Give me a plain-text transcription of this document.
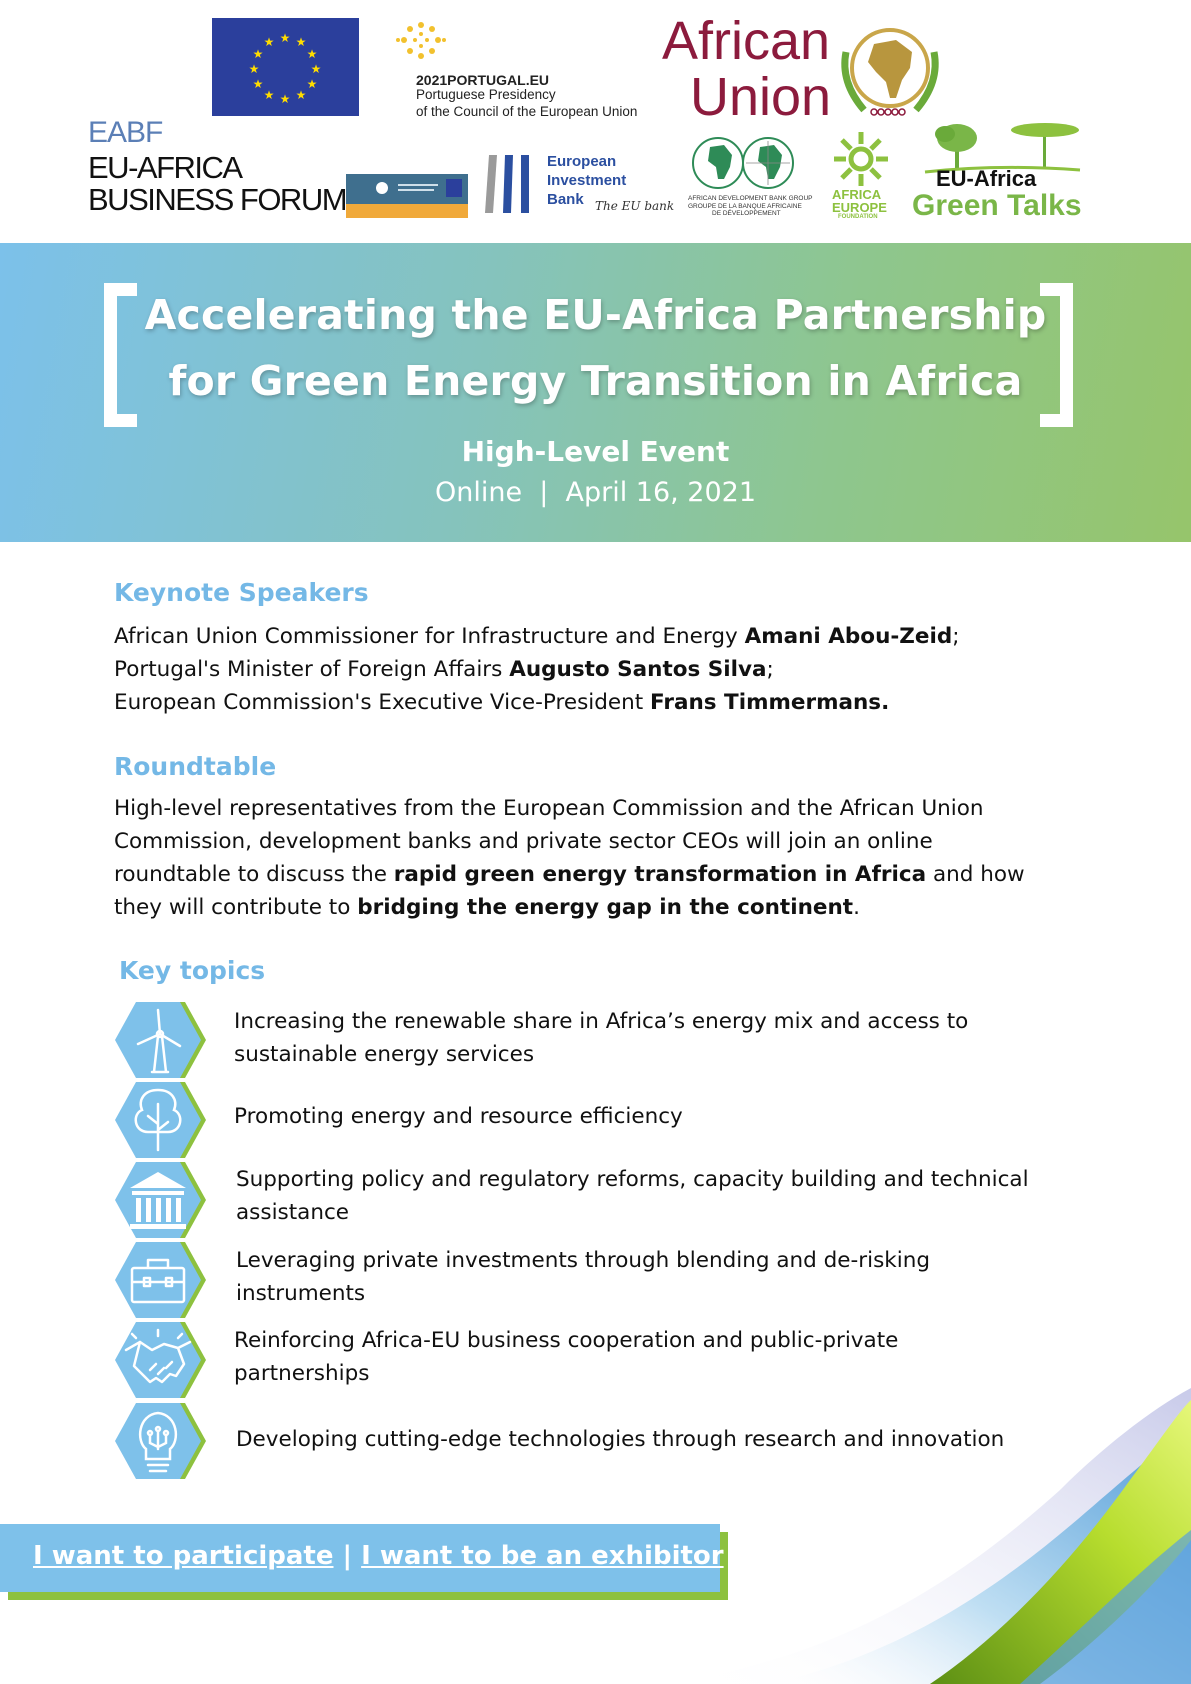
★ ★
★
★
★
★
★
★
★
★
★
★
2021PORTUGAL.EU
Portuguese Presidency
of the Council of the European Union
African
Union
EABF
EU-AFRICA
BUSINESS FORUM
European
Investment
Bank The EU bank
AFRICAN DEVELOPMENT BANK GROUP
GROUPE DE LA BANQUE AFRICAINE
DE DÉVELOPPEMENT
AFRICA
EUROPE
FOUNDATION
EU-Africa
Green Talks
Accelerating the EU-Africa Partnership
for Green Energy Transition in Africa
High-Level Event
Online  |  April 16, 2021
Keynote Speakers
African Union Commissioner for Infrastructure and Energy Amani Abou-Zeid;
Portugal's Minister of Foreign Affairs Augusto Santos Silva;
European Commission's Executive Vice-President Frans Timmermans.
Roundtable
High-level representatives from the European Commission and the African Union
Commission, development banks and private sector CEOs will join an online
roundtable to discuss the rapid green energy transformation in Africa and how
they will contribute to bridging the energy gap in the continent.
Key topics
Increasing the renewable share in Africa’s energy mix and access to
sustainable energy services
Promoting energy and resource efficiency
Supporting policy and regulatory reforms, capacity building and technical
assistance
Leveraging private investments through blending and de-risking
instruments
Reinforcing Africa-EU business cooperation and public-private
partnerships
Developing cutting-edge technologies through research and innovation
I want to participate | I want to be an exhibitor
